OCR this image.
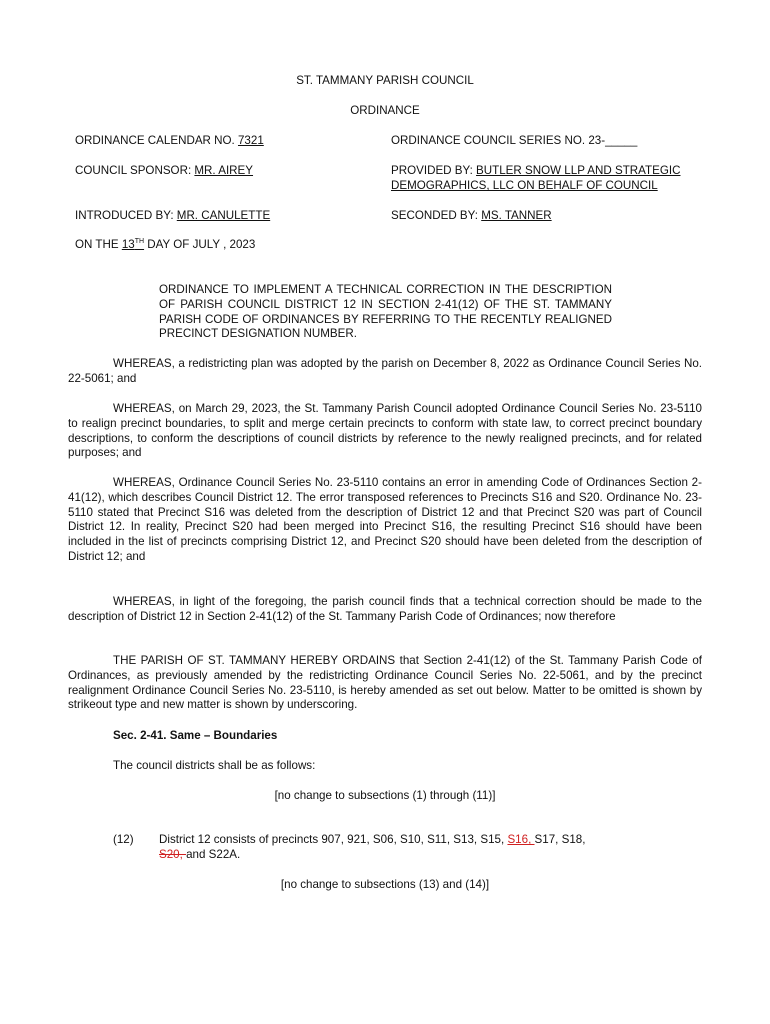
ST. TAMMANY PARISH COUNCIL
ORDINANCE
ORDINANCE CALENDAR NO. 7321	ORDINANCE COUNCIL SERIES NO. 23-_____
COUNCIL SPONSOR: MR. AIREY	PROVIDED BY: BUTLER SNOW LLP AND STRATEGIC
DEMOGRAPHICS, LLC ON BEHALF OF COUNCIL
INTRODUCED BY: MR. CANULETTE	SECONDED BY: MS. TANNER
ON THE 13TH DAY OF JULY , 2023
ORDINANCE TO IMPLEMENT A TECHNICAL CORRECTION IN THE DESCRIPTION OF PARISH COUNCIL DISTRICT 12 IN SECTION 2-41(12) OF THE ST. TAMMANY PARISH CODE OF ORDINANCES BY REFERRING TO THE RECENTLY REALIGNED PRECINCT DESIGNATION NUMBER.
WHEREAS, a redistricting plan was adopted by the parish on December 8, 2022 as Ordinance Council Series No. 22-5061; and
WHEREAS, on March 29, 2023, the St. Tammany Parish Council adopted Ordinance Council Series No. 23-5110 to realign precinct boundaries, to split and merge certain precincts to conform with state law, to correct precinct boundary descriptions, to conform the descriptions of council districts by reference to the newly realigned precincts, and for related purposes; and
WHEREAS, Ordinance Council Series No. 23-5110 contains an error in amending Code of Ordinances Section 2-41(12), which describes Council District 12. The error transposed references to Precincts S16 and S20. Ordinance No. 23-5110 stated that Precinct S16 was deleted from the description of District 12 and that Precinct S20 was part of Council District 12. In reality, Precinct S20 had been merged into Precinct S16, the resulting Precinct S16 should have been included in the list of precincts comprising District 12, and Precinct S20 should have been deleted from the description of District 12; and
WHEREAS, in light of the foregoing, the parish council finds that a technical correction should be made to the description of District 12 in Section 2-41(12) of the St. Tammany Parish Code of Ordinances; now therefore
THE PARISH OF ST. TAMMANY HEREBY ORDAINS that Section 2-41(12) of the St. Tammany Parish Code of Ordinances, as previously amended by the redistricting Ordinance Council Series No. 22-5061, and by the precinct realignment Ordinance Council Series No. 23-5110, is hereby amended as set out below. Matter to be omitted is shown by strikeout type and new matter is shown by underscoring.
Sec. 2-41. Same – Boundaries
The council districts shall be as follows:
[no change to subsections (1) through (11)]
(12) District 12 consists of precincts 907, 921, S06, S10, S11, S13, S15, S16, S17, S18,
S20, and S22A.
[no change to subsections (13) and (14)]
